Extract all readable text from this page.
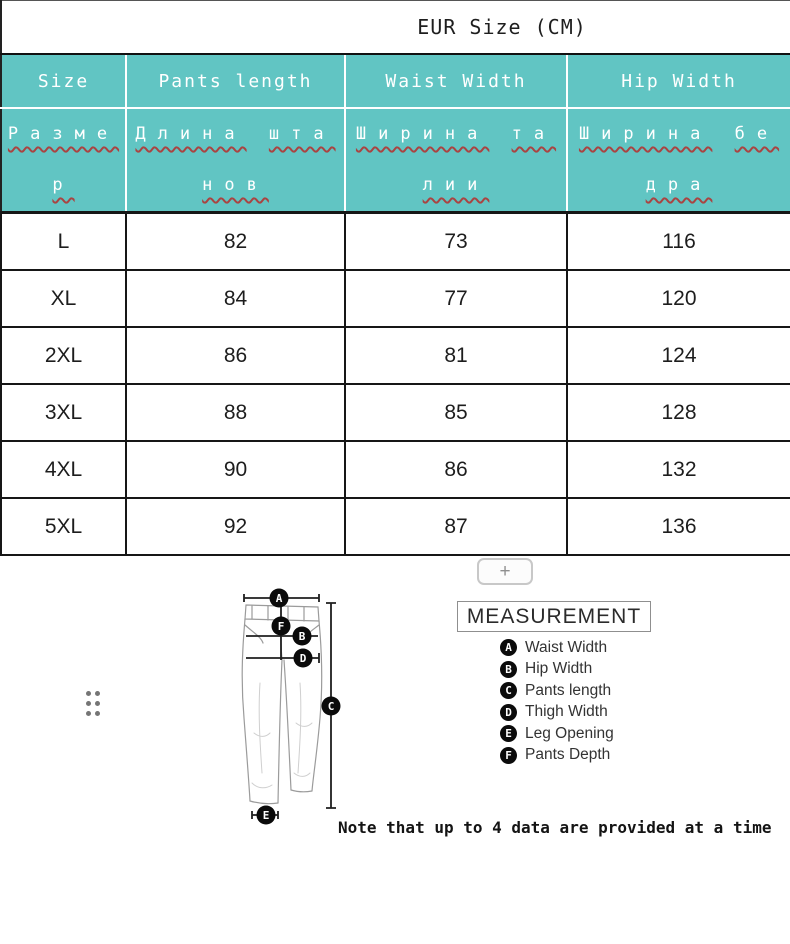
EUR Size (CM)			
Size	Pants length	Waist Width	Hip Width
Размер	Длина штанов	Ширина талии	Ширина бедра
L	82	73	116
XL	84	77	120
2XL	86	81	124
3XL	88	85	128
4XL	90	86	132
5XL	92	87	136
+
A
F
B
D
C
E
MEASUREMENT
A Waist Width
B Hip Width
C Pants length
D Thigh Width
E Leg Opening
F Pants Depth
Note that up to 4 data are provided at a time
